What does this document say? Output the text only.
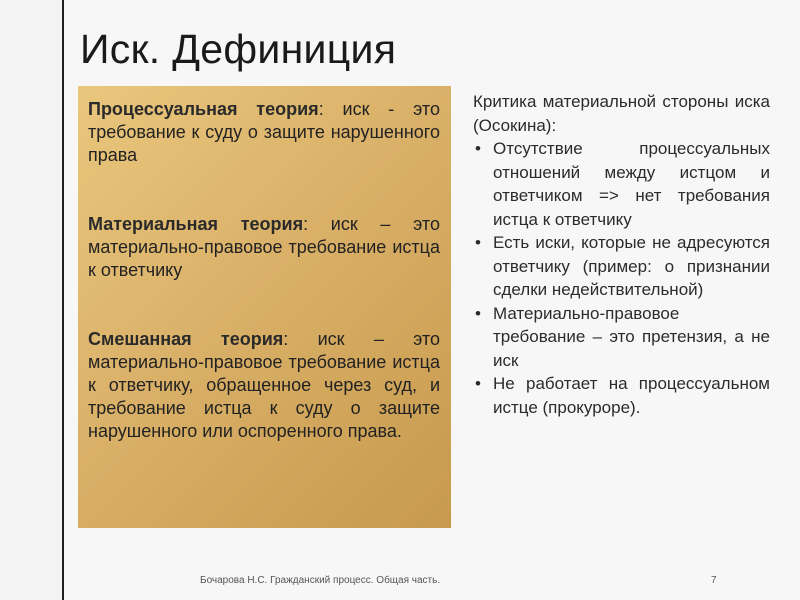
Иск. Дефиниция
Процессуальная теория: иск - это требование к суду о защите нарушенного права
Материальная теория: иск – это материально-правовое требование истца к ответчику
Смешанная теория: иск – это материально-правовое требование истца к ответчику, обращенное через суд, и требование истца к суду о защите нарушенного или оспоренного права.
Критика материальной стороны иска (Осокина):
• Отсутствие процессуальных отношений между истцом и ответчиком => нет требования истца к ответчику
• Есть иски, которые не адресуются ответчику (пример: о признании сделки недействительной)
• Материально-правовое требование – это претензия, а не иск
• Не работает на процессуальном истце (прокуроре).
Бочарова Н.С. Гражданский процесс. Общая часть.	7
